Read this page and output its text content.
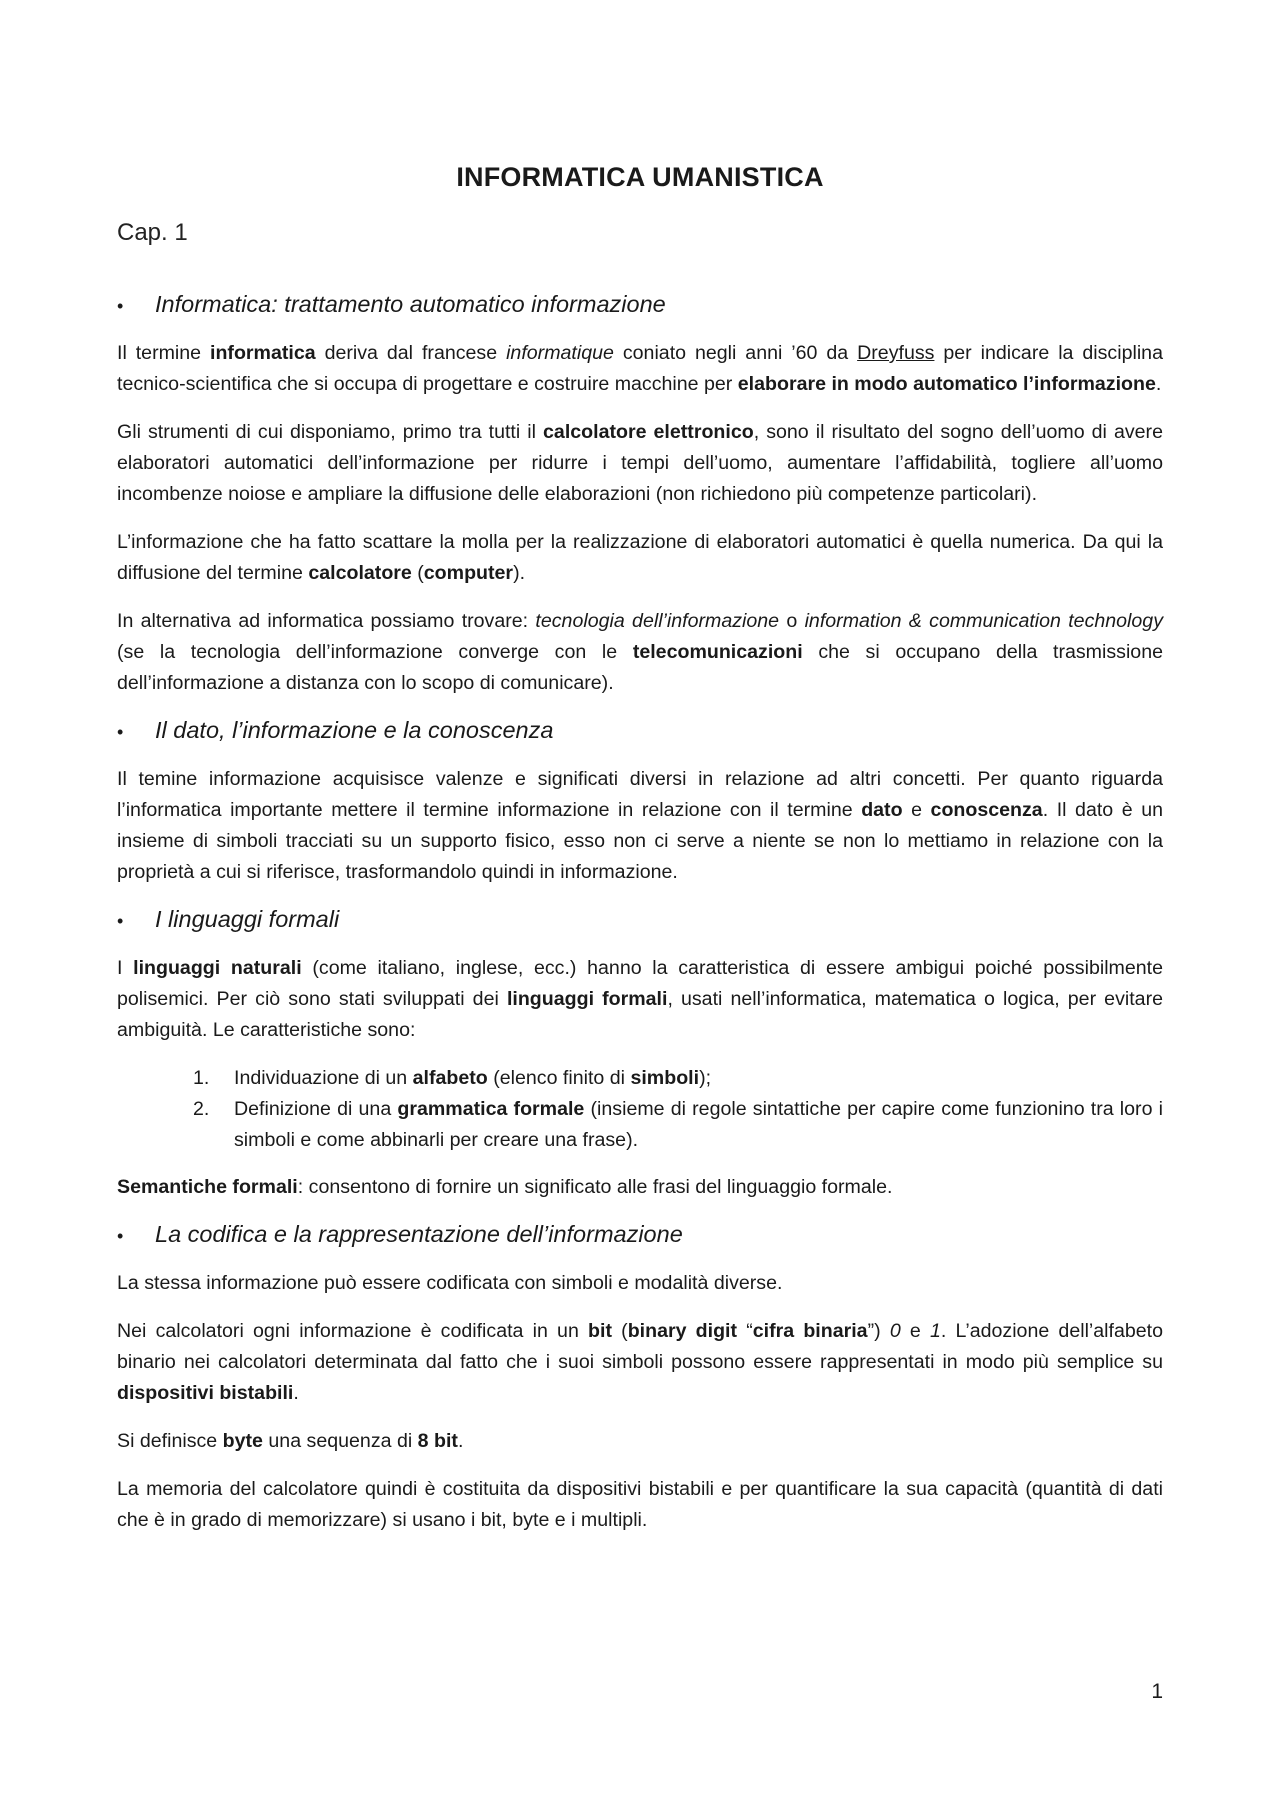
INFORMATICA UMANISTICA

Cap. 1

•	Informatica: trattamento automatico informazione

Il termine informatica deriva dal francese informatique coniato negli anni ’60 da Dreyfuss per indicare la disciplina tecnico-scientifica che si occupa di progettare e costruire macchine per elaborare in modo automatico l’informazione.

Gli strumenti di cui disponiamo, primo tra tutti il calcolatore elettronico, sono il risultato del sogno dell’uomo di avere elaboratori automatici dell’informazione per ridurre i tempi dell’uomo, aumentare l’affidabilità, togliere all’uomo incombenze noiose e ampliare la diffusione delle elaborazioni (non richiedono più competenze particolari).

L’informazione che ha fatto scattare la molla per la realizzazione di elaboratori automatici è quella numerica. Da qui la diffusione del termine calcolatore (computer).

In alternativa ad informatica possiamo trovare: tecnologia dell’informazione o information & communication technology (se la tecnologia dell’informazione converge con le telecomunicazioni che si occupano della trasmissione dell’informazione a distanza con lo scopo di comunicare).

•	Il dato, l’informazione e la conoscenza

Il temine informazione acquisisce valenze e significati diversi in relazione ad altri concetti. Per quanto riguarda l’informatica importante mettere il termine informazione in relazione con il termine dato e conoscenza. Il dato è un insieme di simboli tracciati su un supporto fisico, esso non ci serve a niente se non lo mettiamo in relazione con la proprietà a cui si riferisce, trasformandolo quindi in informazione.

•	I linguaggi formali

I linguaggi naturali (come italiano, inglese, ecc.) hanno la caratteristica di essere ambigui poiché possibilmente polisemici. Per ciò sono stati sviluppati dei linguaggi formali, usati nell’informatica, matematica o logica, per evitare ambiguità. Le caratteristiche sono:

1.	Individuazione di un alfabeto (elenco finito di simboli);
2.	Definizione di una grammatica formale (insieme di regole sintattiche per capire come funzionino tra loro i simboli e come abbinarli per creare una frase).

Semantiche formali: consentono di fornire un significato alle frasi del linguaggio formale.

•	La codifica e la rappresentazione dell’informazione

La stessa informazione può essere codificata con simboli e modalità diverse.

Nei calcolatori ogni informazione è codificata in un bit (binary digit “cifra binaria”) 0 e 1. L’adozione dell’alfabeto binario nei calcolatori determinata dal fatto che i suoi simboli possono essere rappresentati in modo più semplice su dispositivi bistabili.

Si definisce byte una sequenza di 8 bit.

La memoria del calcolatore quindi è costituita da dispositivi bistabili e per quantificare la sua capacità (quantità di dati che è in grado di memorizzare) si usano i bit, byte e i multipli.

1
